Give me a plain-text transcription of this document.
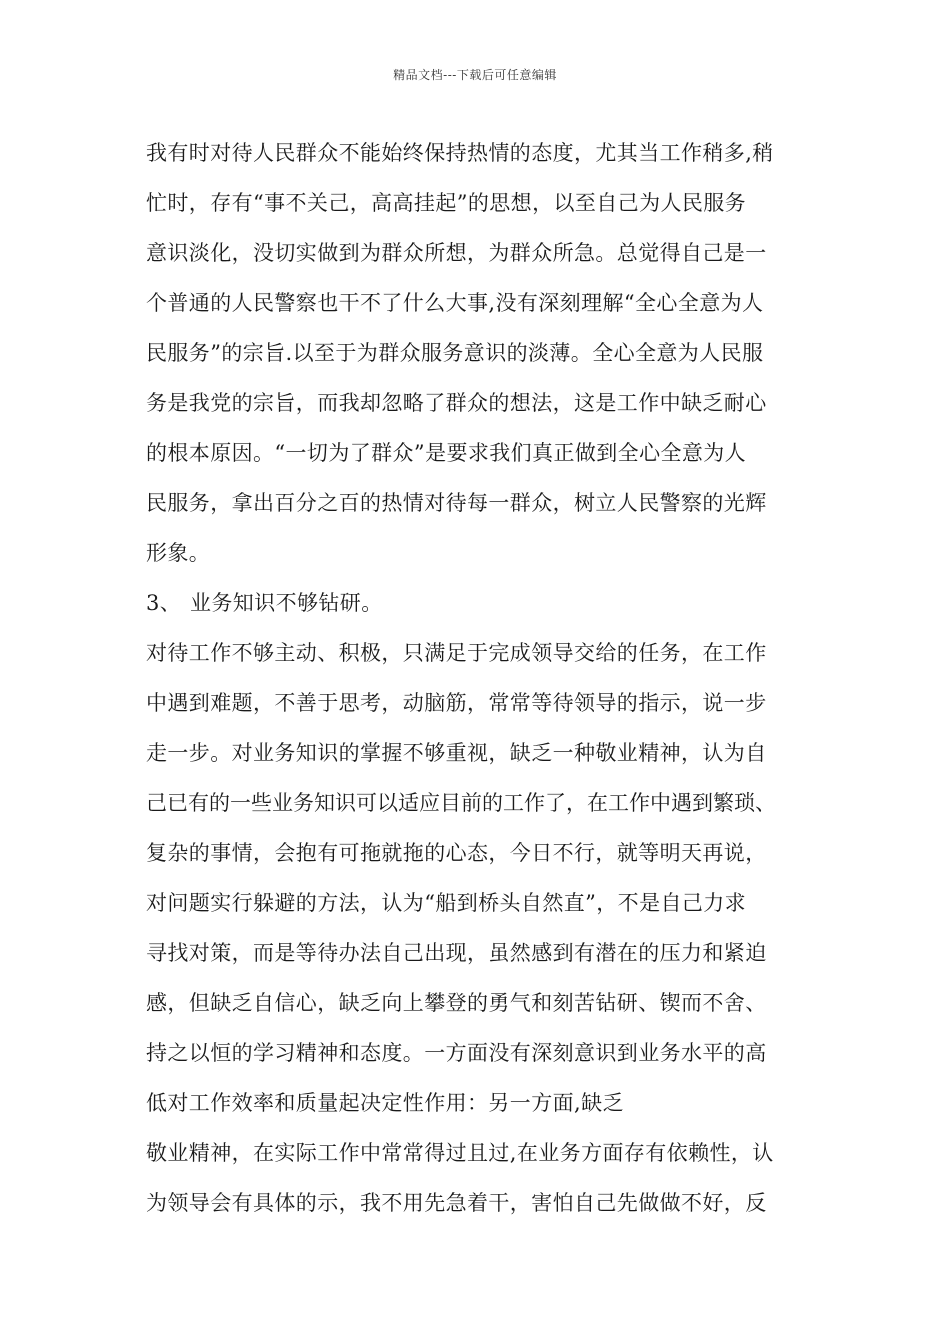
精品文档---下载后可任意编辑
我有时对待人民群众不能始终保持热情的态度，尤其当工作稍多,稍
忙时，存有“事不关己，高高挂起”的思想，以至自己为人民服务
意识淡化，没切实做到为群众所想，为群众所急。总觉得自己是一
个普通的人民警察也干不了什么大事,没有深刻理解“全心全意为人
民服务”的宗旨.以至于为群众服务意识的淡薄。全心全意为人民服
务是我党的宗旨，而我却忽略了群众的想法，这是工作中缺乏耐心
的根本原因。“一切为了群众”是要求我们真正做到全心全意为人
民服务，拿出百分之百的热情对待每一群众，树立人民警察的光辉
形象。
3、 业务知识不够钻研。
对待工作不够主动、积极，只满足于完成领导交给的任务，在工作
中遇到难题，不善于思考，动脑筋，常常等待领导的指示，说一步
走一步。对业务知识的掌握不够重视，缺乏一种敬业精神，认为自
己已有的一些业务知识可以适应目前的工作了，在工作中遇到繁琐、
复杂的事情，会抱有可拖就拖的心态，今日不行，就等明天再说，
对问题实行躲避的方法，认为“船到桥头自然直”，不是自己力求
寻找对策，而是等待办法自己出现，虽然感到有潜在的压力和紧迫
感，但缺乏自信心，缺乏向上攀登的勇气和刻苦钻研、锲而不舍、
持之以恒的学习精神和态度。一方面没有深刻意识到业务水平的高
低对工作效率和质量起决定性作用：另一方面,缺乏
敬业精神，在实际工作中常常得过且过,在业务方面存有依赖性，认
为领导会有具体的示，我不用先急着干，害怕自己先做做不好，反
